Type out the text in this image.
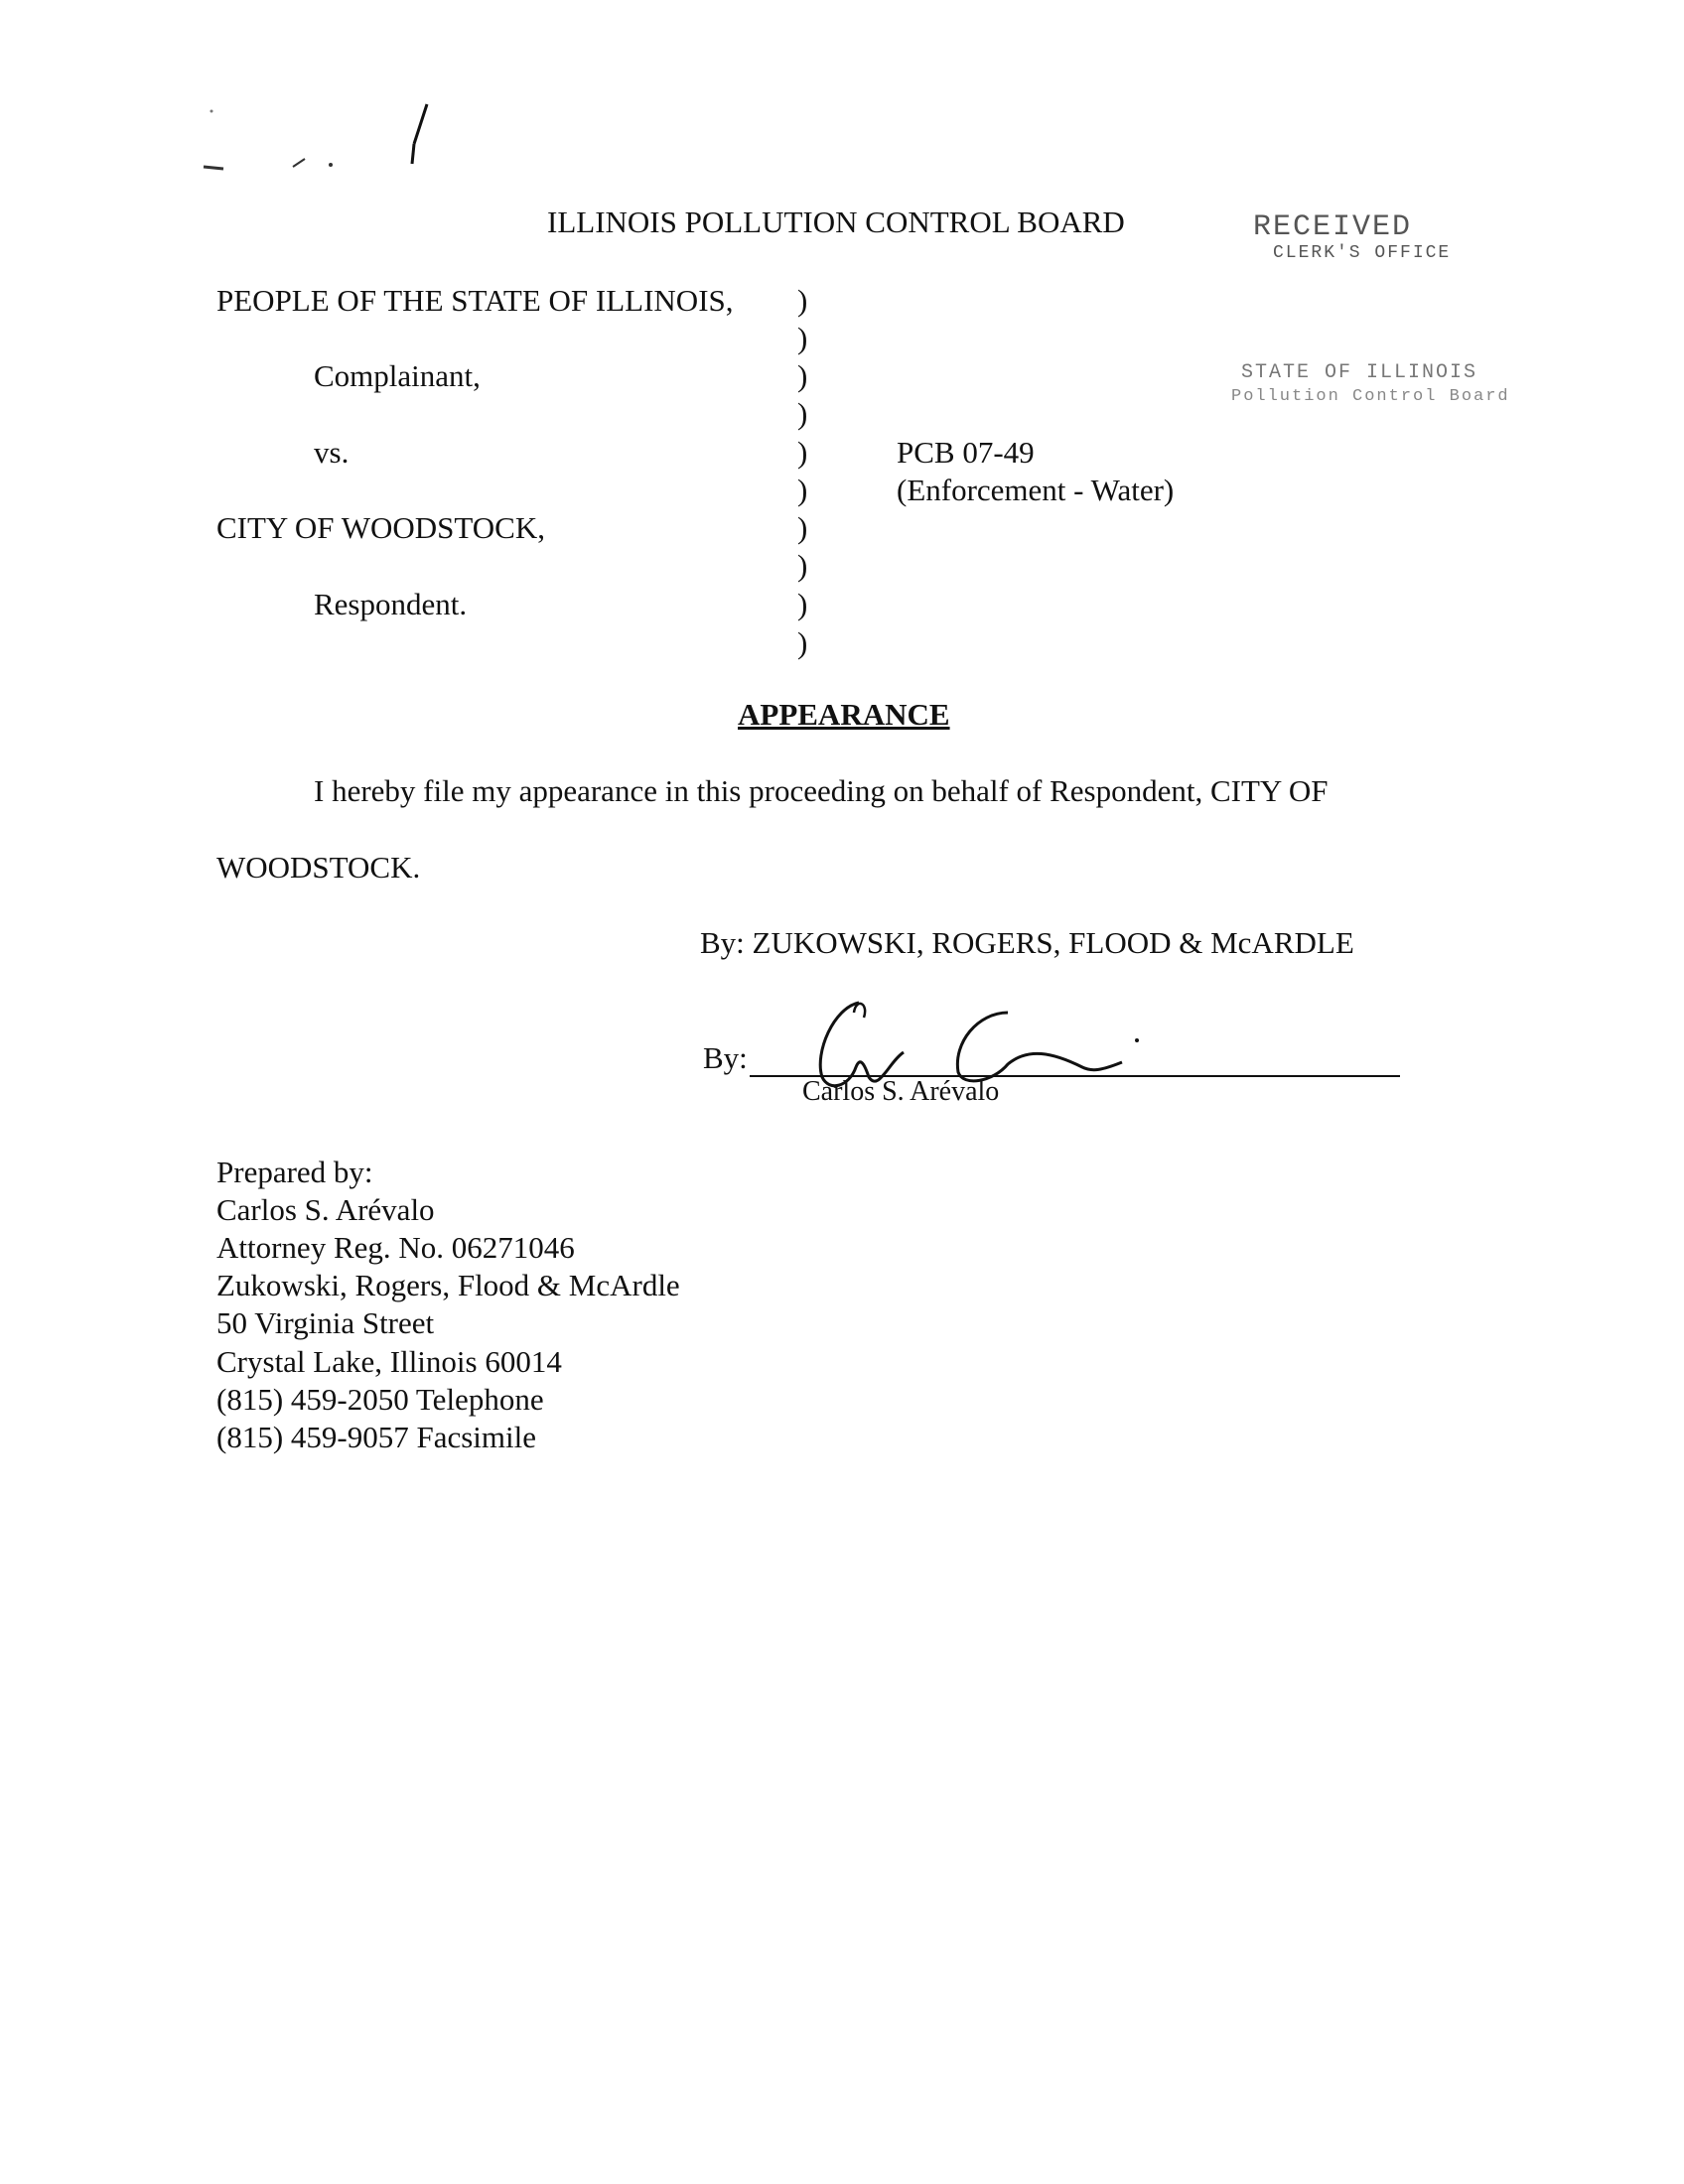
ILLINOIS POLLUTION CONTROL BOARD	RECEIVED
CLERK'S OFFICE
STATE OF ILLINOIS
Pollution Control Board
PEOPLE OF THE STATE OF ILLINOIS,
Complainant,
vs.
CITY OF WOODSTOCK,
Respondent.
)
)
)
)
)
)
)
)
)
)
PCB 07-49
(Enforcement - Water)
APPEARANCE
I hereby file my appearance in this proceeding on behalf of Respondent, CITY OF
WOODSTOCK.
By: ZUKOWSKI, ROGERS, FLOOD & McARDLE
By:
Carlos S. Arévalo
Prepared by:
Carlos S. Arévalo
Attorney Reg. No. 06271046
Zukowski, Rogers, Flood & McArdle
50 Virginia Street
Crystal Lake, Illinois 60014
(815) 459-2050 Telephone
(815) 459-9057 Facsimile
